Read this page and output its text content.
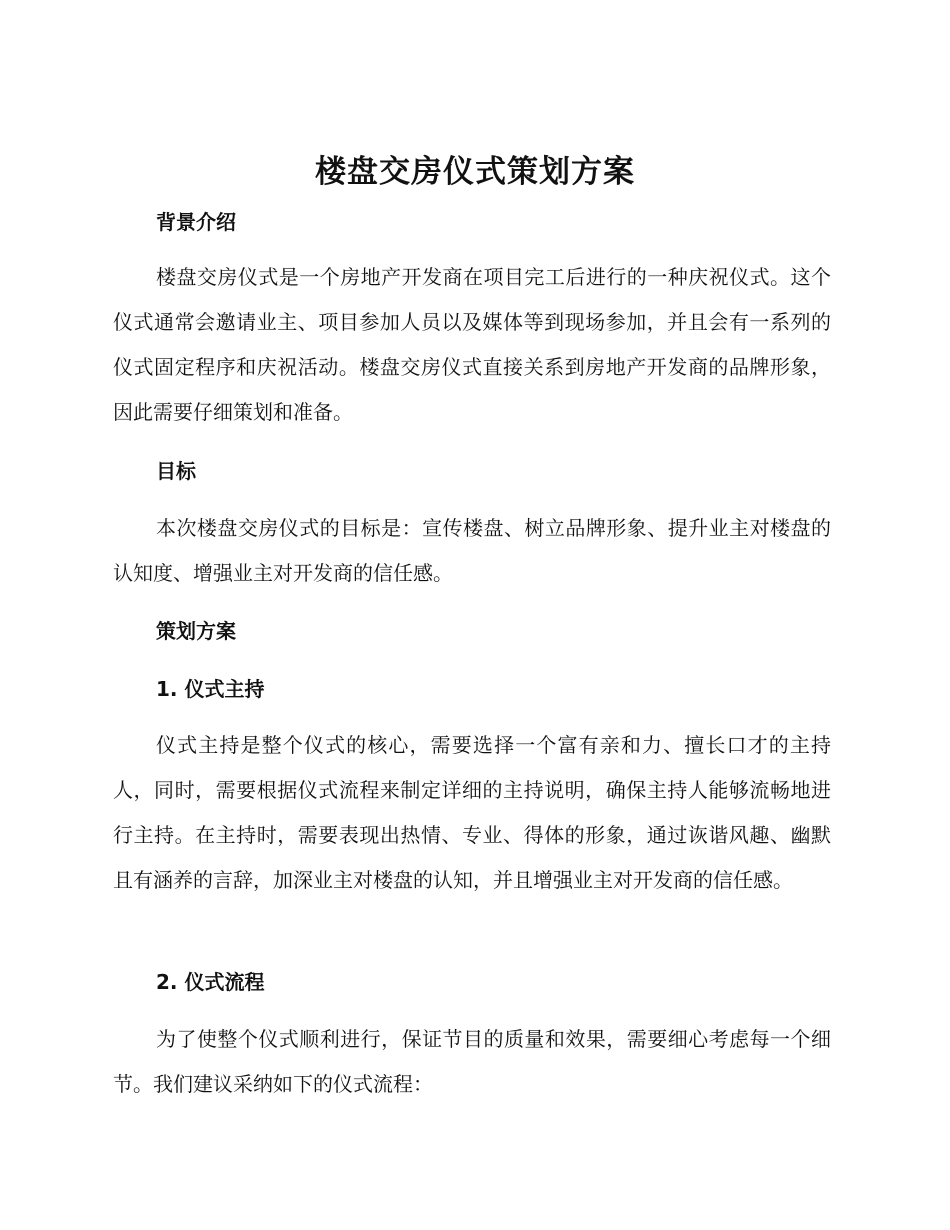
楼盘交房仪式策划方案
背景介绍

楼盘交房仪式是一个房地产开发商在项目完工后进行的一种庆祝仪式。这个仪式通常会邀请业主、项目参加人员以及媒体等到现场参加，并且会有一系列的仪式固定程序和庆祝活动。楼盘交房仪式直接关系到房地产开发商的品牌形象，因此需要仔细策划和准备。

目标

本次楼盘交房仪式的目标是：宣传楼盘、树立品牌形象、提升业主对楼盘的认知度、增强业主对开发商的信任感。

策划方案
1. 仪式主持

仪式主持是整个仪式的核心，需要选择一个富有亲和力、擅长口才的主持人，同时，需要根据仪式流程来制定详细的主持说明，确保主持人能够流畅地进行主持。在主持时，需要表现出热情、专业、得体的形象，通过诙谐风趣、幽默且有涵养的言辞，加深业主对楼盘的认知，并且增强业主对开发商的信任感。

2. 仪式流程

为了使整个仪式顺利进行，保证节目的质量和效果，需要细心考虑每一个细节。我们建议采纳如下的仪式流程：
